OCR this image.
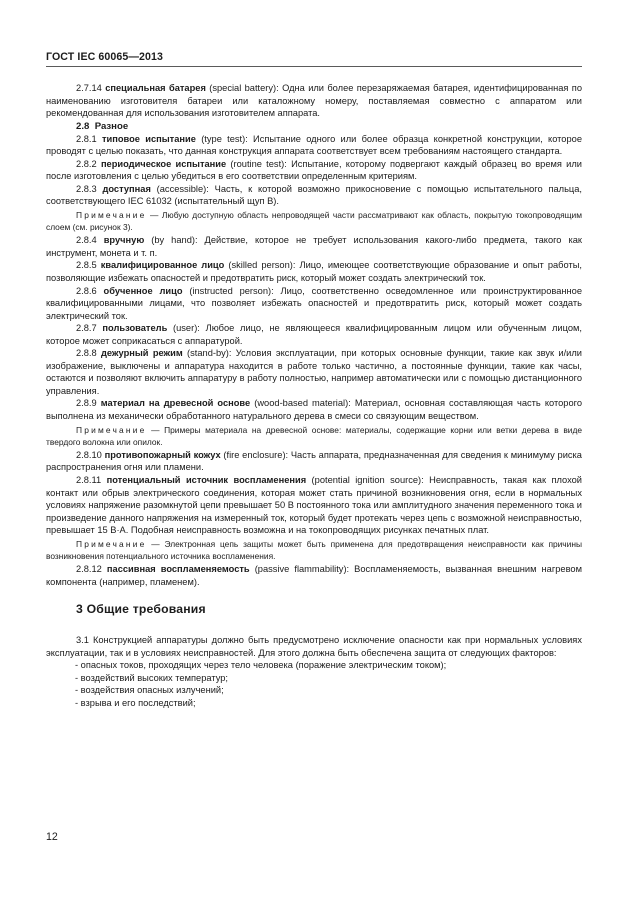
ГОСТ IEC 60065—2013

2.7.14 специальная батарея (special battery): Одна или более перезаряжаемая батарея, идентифицированная по наименованию изготовителя батареи или каталожному номеру, поставляемая совместно с аппаратом или рекомендованная для использования изготовителем аппарата.

2.8 Разное

2.8.1 типовое испытание (type test): Испытание одного или более образца конкретной конструкции, которое проводят с целью показать, что данная конструкция аппарата соответствует всем требованиям настоящего стандарта.

2.8.2 периодическое испытание (routine test): Испытание, которому подвергают каждый образец во время или после изготовления с целью убедиться в его соответствии определенным критериям.

2.8.3 доступная (accessible): Часть, к которой возможно прикосновение с помощью испытательного пальца, соответствующего IEC 61032 (испытательный щуп B).

Примечание — Любую доступную область непроводящей части рассматривают как область, покрытую токопроводящим слоем (см. рисунок 3).

2.8.4 вручную (by hand): Действие, которое не требует использования какого-либо предмета, такого как инструмент, монета и т. п.

2.8.5 квалифицированное лицо (skilled person): Лицо, имеющее соответствующие образование и опыт работы, позволяющие избежать опасностей и предотвратить риск, который может создать электрический ток.

2.8.6 обученное лицо (instructed person): Лицо, соответственно осведомленное или проинструктированное квалифицированными лицами, что позволяет избежать опасностей и предотвратить риск, который может создать электрический ток.

2.8.7 пользователь (user): Любое лицо, не являющееся квалифицированным лицом или обученным лицом, которое может соприкасаться с аппаратурой.

2.8.8 дежурный режим (stand-by): Условия эксплуатации, при которых основные функции, такие как звук и/или изображение, выключены и аппаратура находится в работе только частично, а постоянные функции, такие как часы, остаются и позволяют включить аппаратуру в работу полностью, например автоматически или с помощью дистанционного управления.

2.8.9 материал на древесной основе (wood-based material): Материал, основная составляющая часть которого выполнена из механически обработанного натурального дерева в смеси со связующим веществом.

Примечание — Примеры материала на древесной основе: материалы, содержащие корни или ветки дерева в виде твердого волокна или опилок.

2.8.10 противопожарный кожух (fire enclosure): Часть аппарата, предназначенная для сведения к минимуму риска распространения огня или пламени.

2.8.11 потенциальный источник воспламенения (potential ignition source): Неисправность, такая как плохой контакт или обрыв электрического соединения, которая может стать причиной возникновения огня, если в нормальных условиях напряжение разомкнутой цепи превышает 50 В постоянного тока или амплитудного значения переменного тока и произведение данного напряжения на измеренный ток, который будет протекать через цепь с возможной неисправностью, превышает 15 В·А. Подобная неисправность возможна и на токопроводящих рисунках печатных плат.

Примечание — Электронная цепь защиты может быть применена для предотвращения неисправности как причины возникновения потенциального источника воспламенения.

2.8.12 пассивная воспламеняемость (passive flammability): Воспламеняемость, вызванная внешним нагревом компонента (например, пламенем).

3 Общие требования

3.1 Конструкцией аппаратуры должно быть предусмотрено исключение опасности как при нормальных условиях эксплуатации, так и в условиях неисправностей. Для этого должна быть обеспечена защита от следующих факторов:

- опасных токов, проходящих через тело человека (поражение электрическим током);

- воздействий высоких температур;

- воздействия опасных излучений;

- взрыва и его последствий;

12
